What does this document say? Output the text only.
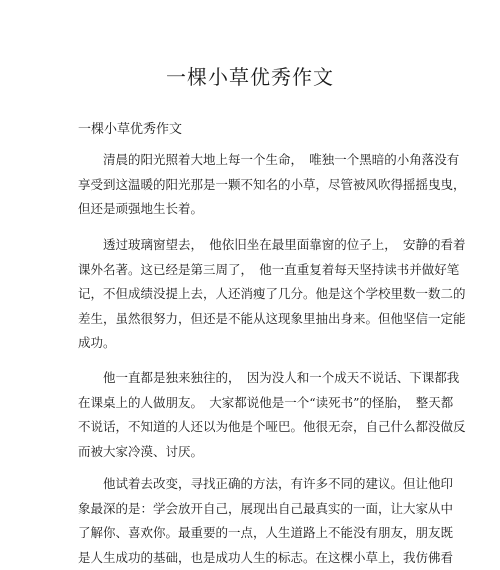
一棵小草优秀作文
一棵小草优秀作文
清晨的阳光照着大地上每一个生命，　唯独一个黑暗的小角落没有
享受到这温暖的阳光那是一颗不知名的小草，尽管被风吹得摇摇曳曳，
但还是顽强地生长着。
透过玻璃窗望去，　他依旧坐在最里面靠窗的位子上，　安静的看着
课外名著。这已经是第三周了，　他一直重复着每天坚持读书并做好笔
记，不但成绩没提上去，人还消瘦了几分。他是这个学校里数一数二的
差生，虽然很努力，但还是不能从这现象里抽出身来。但他坚信一定能
成功。
他一直都是独来独往的，　因为没人和一个成天不说话、下课都我
在课桌上的人做朋友。　大家都说他是一个“读死书”的怪胎，　整天都
不说话，不知道的人还以为他是个哑巴。他很无奈，自己什么都没做反
而被大家冷漠、讨厌。
他试着去改变，寻找正确的方法，有许多不同的建议。但让他印
象最深的是：学会放开自己，展现出自己最真实的一面，让大家从中
了解你、喜欢你。最重要的一点，人生道路上不能没有朋友，朋友既
是人生成功的基础，也是成功人生的标志。在这棵小草上，我仿佛看
